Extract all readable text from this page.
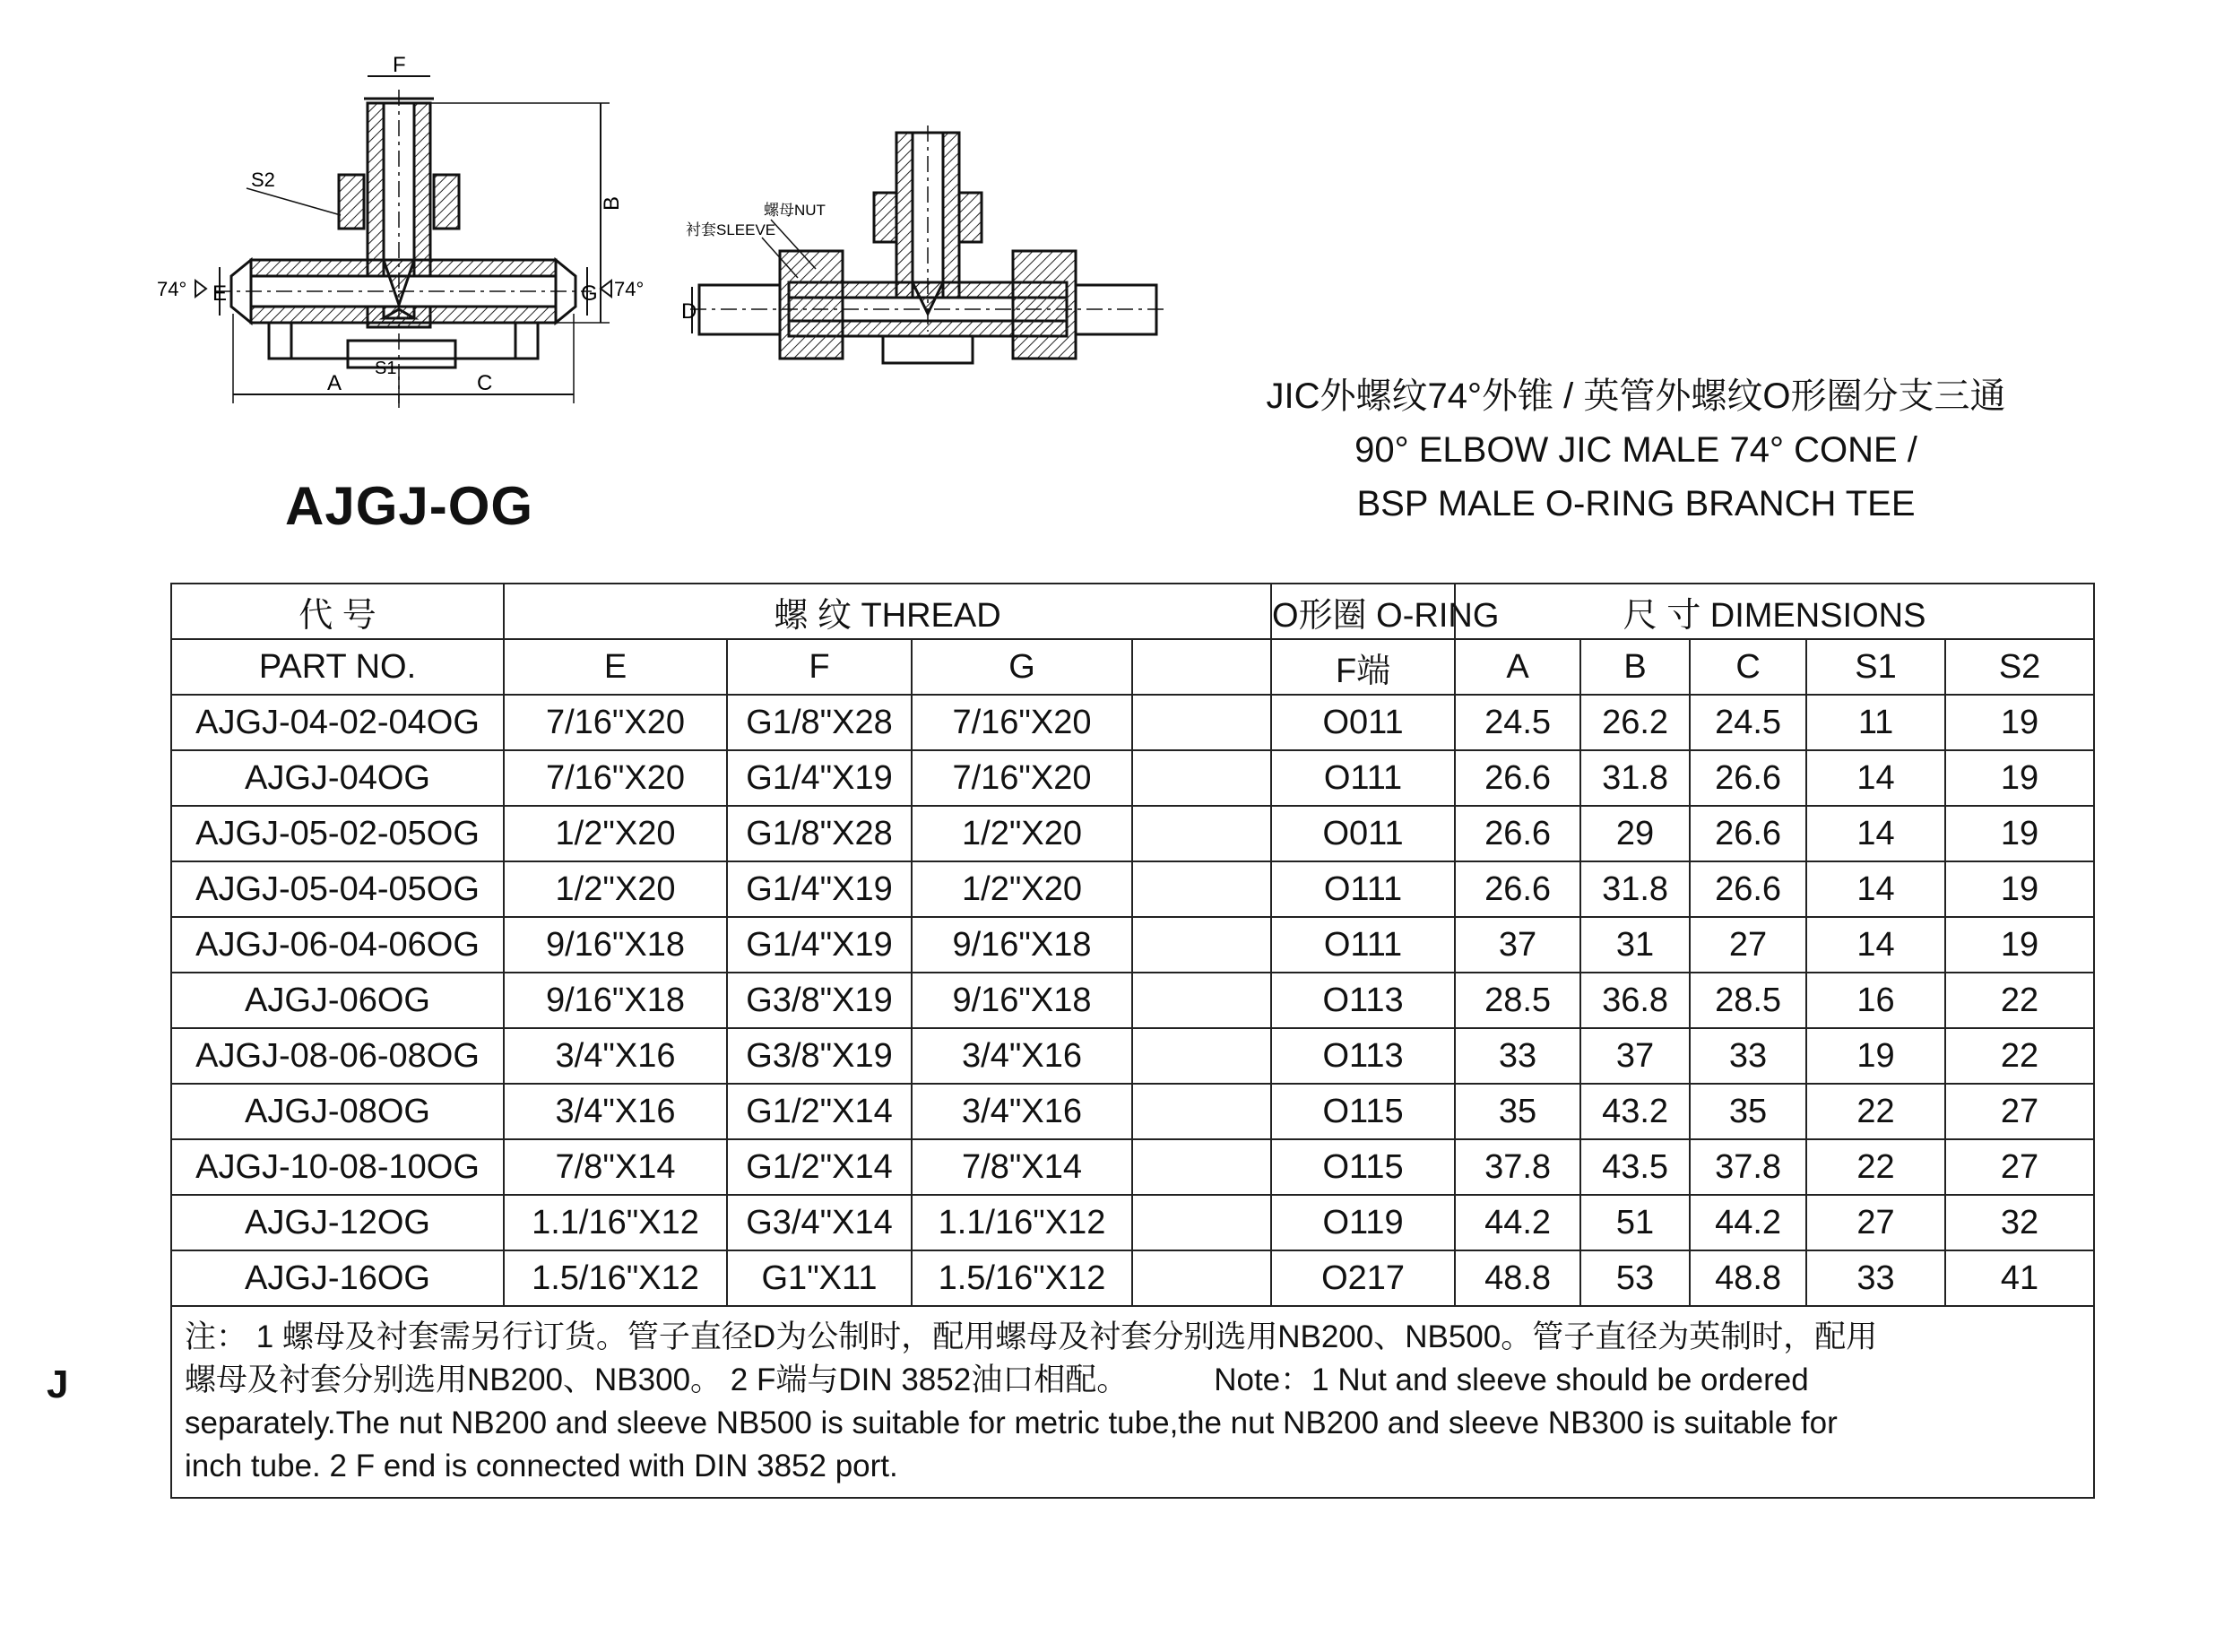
F
S2
B
74° E	G 74°
A
S1
C
螺母NUT
衬套SLEEVE
D
AJGJ-OG
JIC外螺纹74°外锥 / 英管外螺纹O形圈分支三通
90° ELBOW JIC MALE 74° CONE /
BSP MALE O-RING BRANCH TEE
代 号	螺 纹 THREAD				O形圈 O-RING	尺 寸 DIMENSIONS				
PART NO.	E	F	G		F端	A	B	C	S1	S2
AJGJ-04-02-04OG	7/16"X20	G1/8"X28	7/16"X20		O011	24.5	26.2	24.5	11	19
AJGJ-04OG	7/16"X20	G1/4"X19	7/16"X20		O111	26.6	31.8	26.6	14	19
AJGJ-05-02-05OG	1/2"X20	G1/8"X28	1/2"X20		O011	26.6	29	26.6	14	19
AJGJ-05-04-05OG	1/2"X20	G1/4"X19	1/2"X20		O111	26.6	31.8	26.6	14	19
AJGJ-06-04-06OG	9/16"X18	G1/4"X19	9/16"X18		O111	37	31	27	14	19
AJGJ-06OG	9/16"X18	G3/8"X19	9/16"X18		O113	28.5	36.8	28.5	16	22
AJGJ-08-06-08OG	3/4"X16	G3/8"X19	3/4"X16		O113	33	37	33	19	22
AJGJ-08OG	3/4"X16	G1/2"X14	3/4"X16		O115	35	43.2	35	22	27
AJGJ-10-08-10OG	7/8"X14	G1/2"X14	7/8"X14		O115	37.8	43.5	37.8	22	27
AJGJ-12OG	1.1/16"X12	G3/4"X14	1.1/16"X12		O119	44.2	51	44.2	27	32
AJGJ-16OG	1.5/16"X12	G1"X11	1.5/16"X12		O217	48.8	53	48.8	33	41
注： 1 螺母及衬套需另行订货。管子直径D为公制时，配用螺母及衬套分别选用NB200、NB500。管子直径为英制时，配用
螺母及衬套分别选用NB200、NB300。 2 F端与DIN 3852油口相配。 Note：1 Nut and sleeve should be ordered
separately.The nut NB200 and sleeve NB500 is suitable for metric tube,the nut NB200 and sleeve NB300 is suitable for
inch tube. 2 F end is connected with DIN 3852 port.										

J
